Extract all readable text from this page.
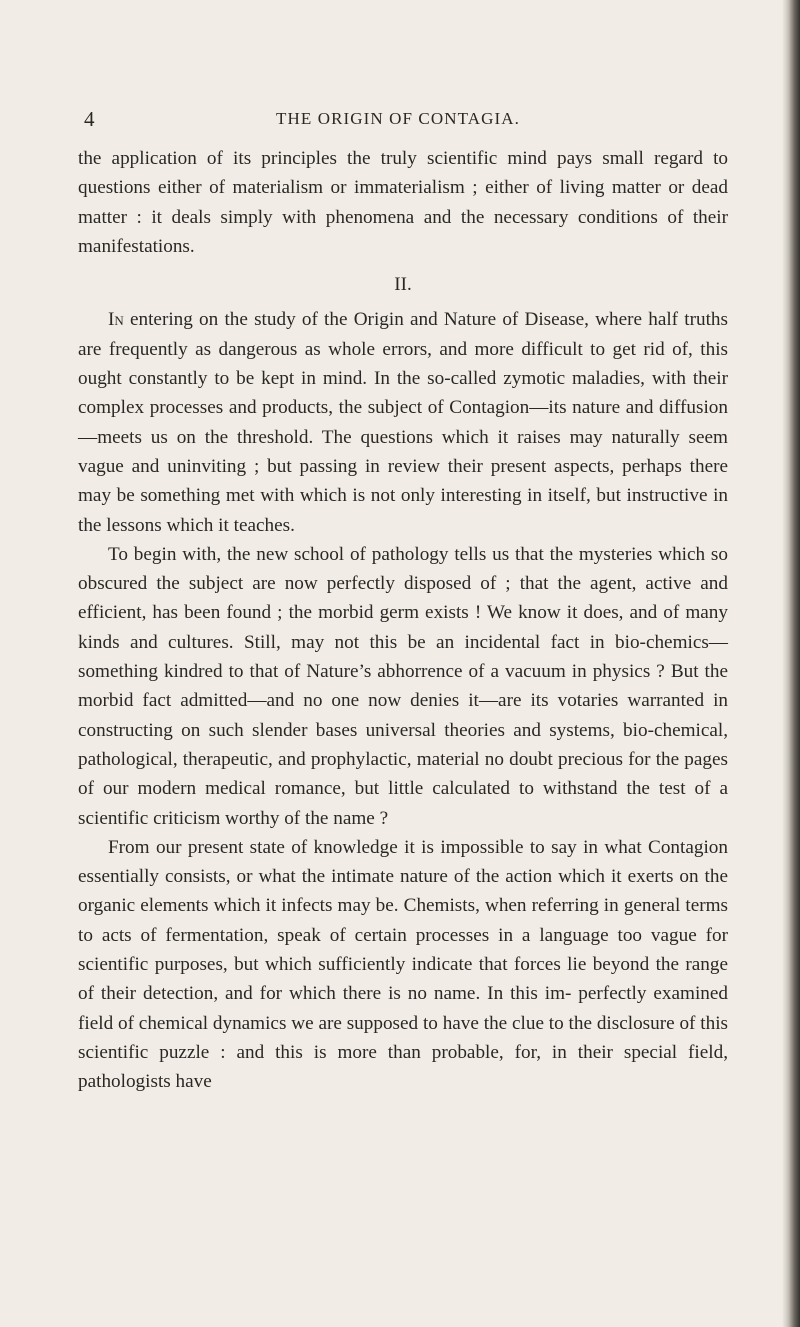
4	THE ORIGIN OF CONTAGIA.

the application of its principles the truly scientific mind pays small regard to questions either of materialism or immaterialism ; either of living matter or dead matter : it deals simply with phenomena and the necessary conditions of their manifestations.

II.

In entering on the study of the Origin and Nature of Disease, where half truths are frequently as dangerous as whole errors, and more difficult to get rid of, this ought constantly to be kept in mind. In the so-called zymotic maladies, with their complex processes and products, the subject of Contagion—its nature and diffusion—meets us on the threshold. The questions which it raises may naturally seem vague and uninviting ; but passing in review their present aspects, perhaps there may be something met with which is not only interesting in itself, but instructive in the lessons which it teaches.

To begin with, the new school of pathology tells us that the mysteries which so obscured the subject are now perfectly disposed of ; that the agent, active and efficient, has been found ; the morbid germ exists ! We know it does, and of many kinds and cultures. Still, may not this be an incidental fact in bio-chemics—something kindred to that of Nature’s abhorrence of a vacuum in physics ? But the morbid fact admitted—and no one now denies it—are its votaries warranted in constructing on such slender bases universal theories and systems, bio-chemical, pathological, therapeutic, and prophylactic, material no doubt precious for the pages of our modern medical romance, but little calculated to withstand the test of a scientific criticism worthy of the name ?

From our present state of knowledge it is impossible to say in what Contagion essentially consists, or what the intimate nature of the action which it exerts on the organic elements which it infects may be. Chemists, when referring in general terms to acts of fermentation, speak of certain processes in a language too vague for scientific purposes, but which sufficiently indicate that forces lie beyond the range of their detection, and for which there is no name. In this im- perfectly examined field of chemical dynamics we are supposed to have the clue to the disclosure of this scientific puzzle : and this is more than probable, for, in their special field, pathologists have
